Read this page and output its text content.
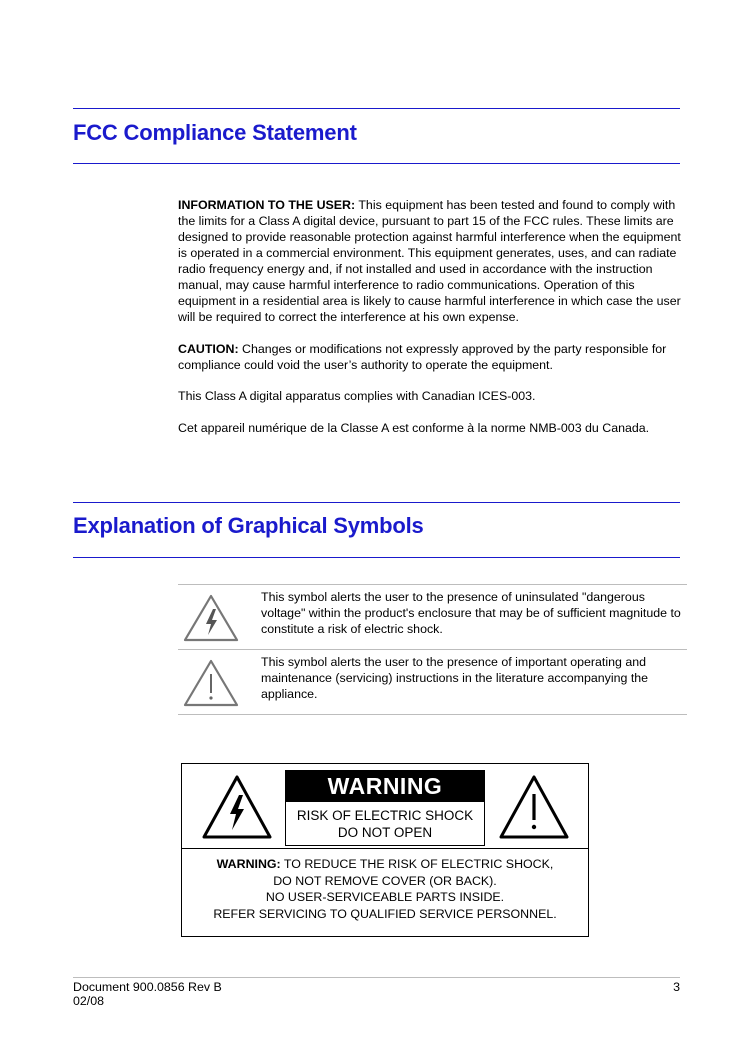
FCC Compliance Statement

INFORMATION TO THE USER: This equipment has been tested and found to comply with the limits for a Class A digital device, pursuant to part 15 of the FCC rules. These limits are designed to provide reasonable protection against harmful interference when the equipment is operated in a commercial environment. This equipment generates, uses, and can radiate radio frequency energy and, if not installed and used in accordance with the instruction manual, may cause harmful interference to radio communications. Operation of this equipment in a residential area is likely to cause harmful interference in which case the user will be required to correct the interference at his own expense.

CAUTION: Changes or modifications not expressly approved by the party responsible for compliance could void the user’s authority to operate the equipment.

This Class A digital apparatus complies with Canadian ICES-003.

Cet appareil numérique de la Classe A est conforme à la norme NMB-003 du Canada.

Explanation of Graphical Symbols
This symbol alerts the user to the presence of uninsulated "dangerous voltage" within the product's enclosure that may be of sufficient magnitude to constitute a risk of electric shock.
This symbol alerts the user to the presence of important operating and maintenance (servicing) instructions in the literature accompanying the appliance.
WARNING
RISK OF ELECTRIC SHOCK
DO NOT OPEN
WARNING: TO REDUCE THE RISK OF ELECTRIC SHOCK,
DO NOT REMOVE COVER (OR BACK).
NO USER-SERVICEABLE PARTS INSIDE.
REFER SERVICING TO QUALIFIED SERVICE PERSONNEL.
Document 900.0856 Rev B
02/08
3
